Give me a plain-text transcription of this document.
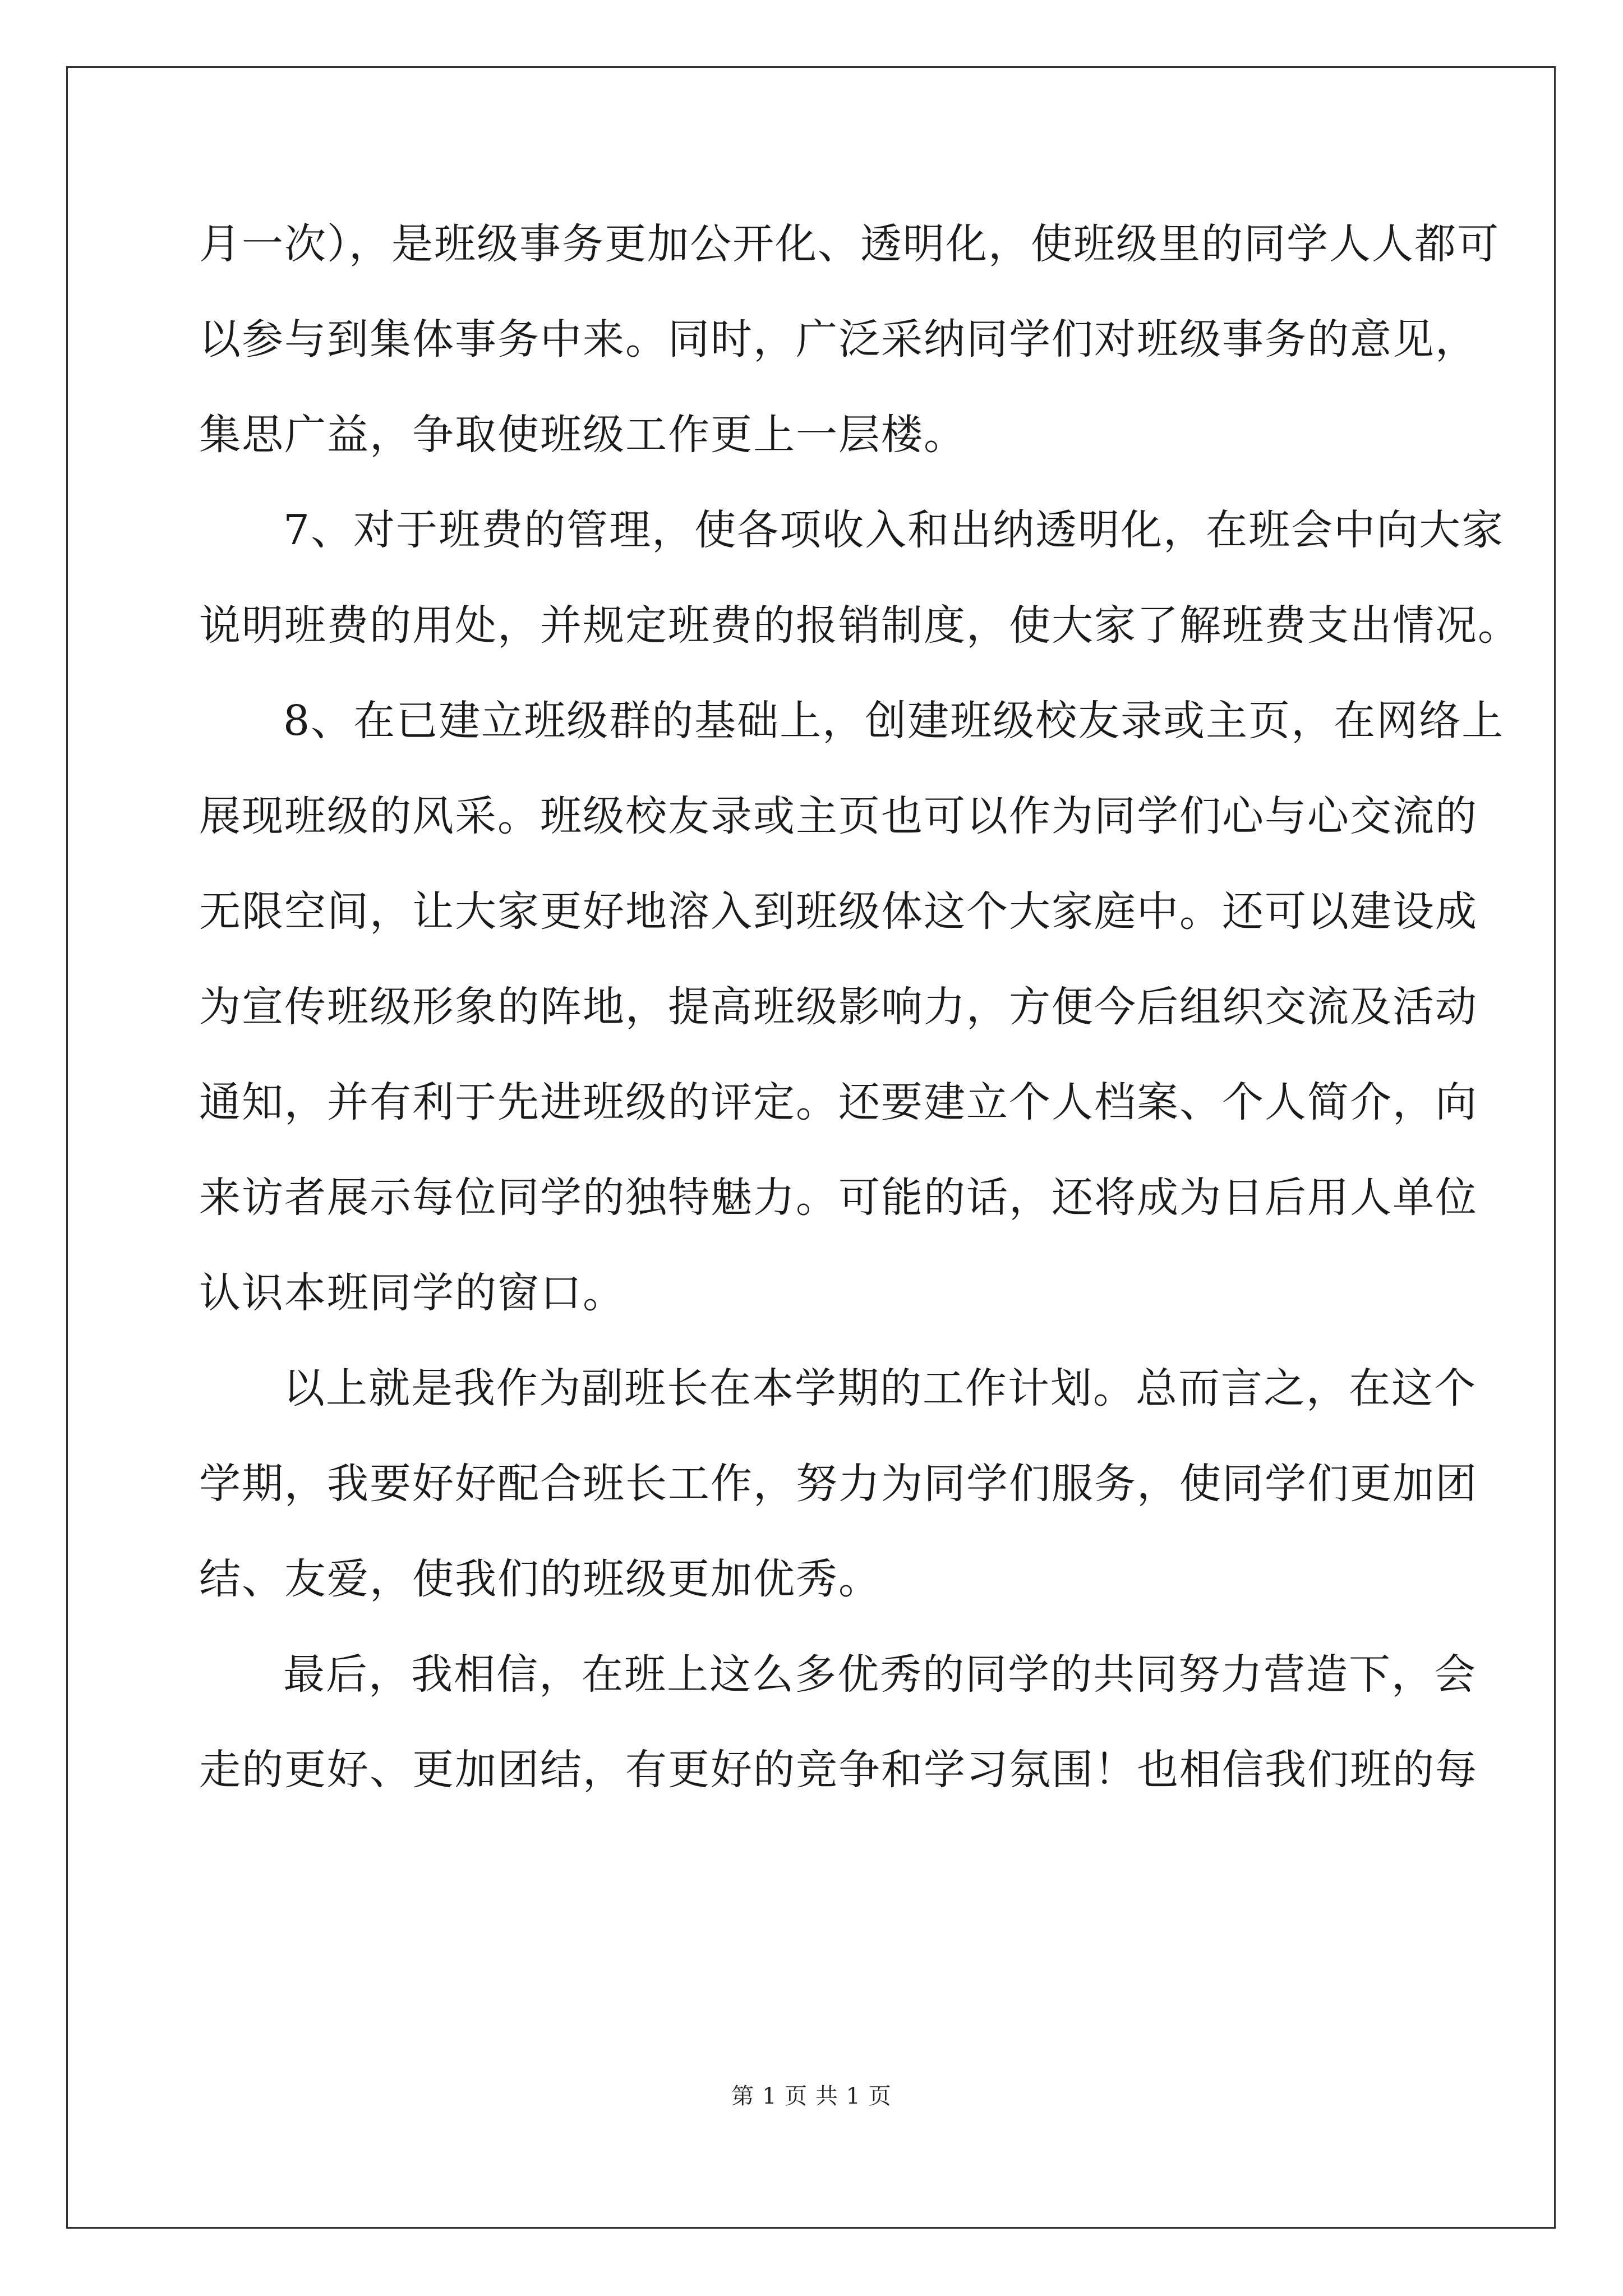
月一次），是班级事务更加公开化、透明化，使班级里的同学人人都可
以参与到集体事务中来。同时，广泛采纳同学们对班级事务的意见，
集思广益，争取使班级工作更上一层楼。
7、对于班费的管理，使各项收入和出纳透明化，在班会中向大家
说明班费的用处，并规定班费的报销制度，使大家了解班费支出情况。
8、在已建立班级群的基础上，创建班级校友录或主页，在网络上
展现班级的风采。班级校友录或主页也可以作为同学们心与心交流的
无限空间，让大家更好地溶入到班级体这个大家庭中。还可以建设成
为宣传班级形象的阵地，提高班级影响力，方便今后组织交流及活动
通知，并有利于先进班级的评定。还要建立个人档案、个人简介，向
来访者展示每位同学的独特魅力。可能的话，还将成为日后用人单位
认识本班同学的窗口。
以上就是我作为副班长在本学期的工作计划。总而言之，在这个
学期，我要好好配合班长工作，努力为同学们服务，使同学们更加团
结、友爱，使我们的班级更加优秀。
最后，我相信，在班上这么多优秀的同学的共同努力营造下，会
走的更好、更加团结，有更好的竞争和学习氛围！也相信我们班的每
第 1 页 共 1 页
